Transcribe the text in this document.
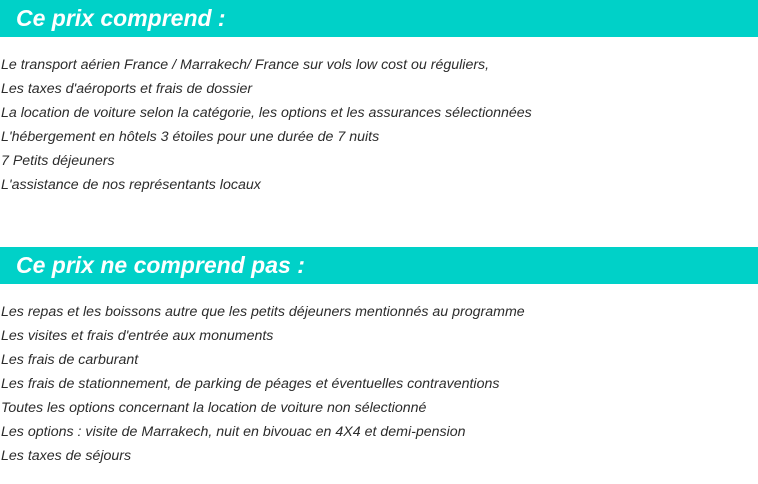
Ce prix comprend :
Le transport aérien France / Marrakech/ France sur vols low cost ou réguliers,
Les taxes d'aéroports et frais de dossier
La location de voiture selon la catégorie, les options et les assurances sélectionnées
L'hébergement en hôtels 3 étoiles pour une durée de 7 nuits
7 Petits déjeuners
L'assistance de nos représentants locaux
Ce prix ne comprend pas :
Les repas et les boissons autre que les petits déjeuners mentionnés au programme
Les visites et frais d'entrée aux monuments
Les frais de carburant
Les frais de stationnement, de parking de péages et éventuelles contraventions
Toutes les options concernant la location de voiture non sélectionné
Les options : visite de Marrakech, nuit en bivouac en 4X4 et demi-pension
Les taxes de séjours
